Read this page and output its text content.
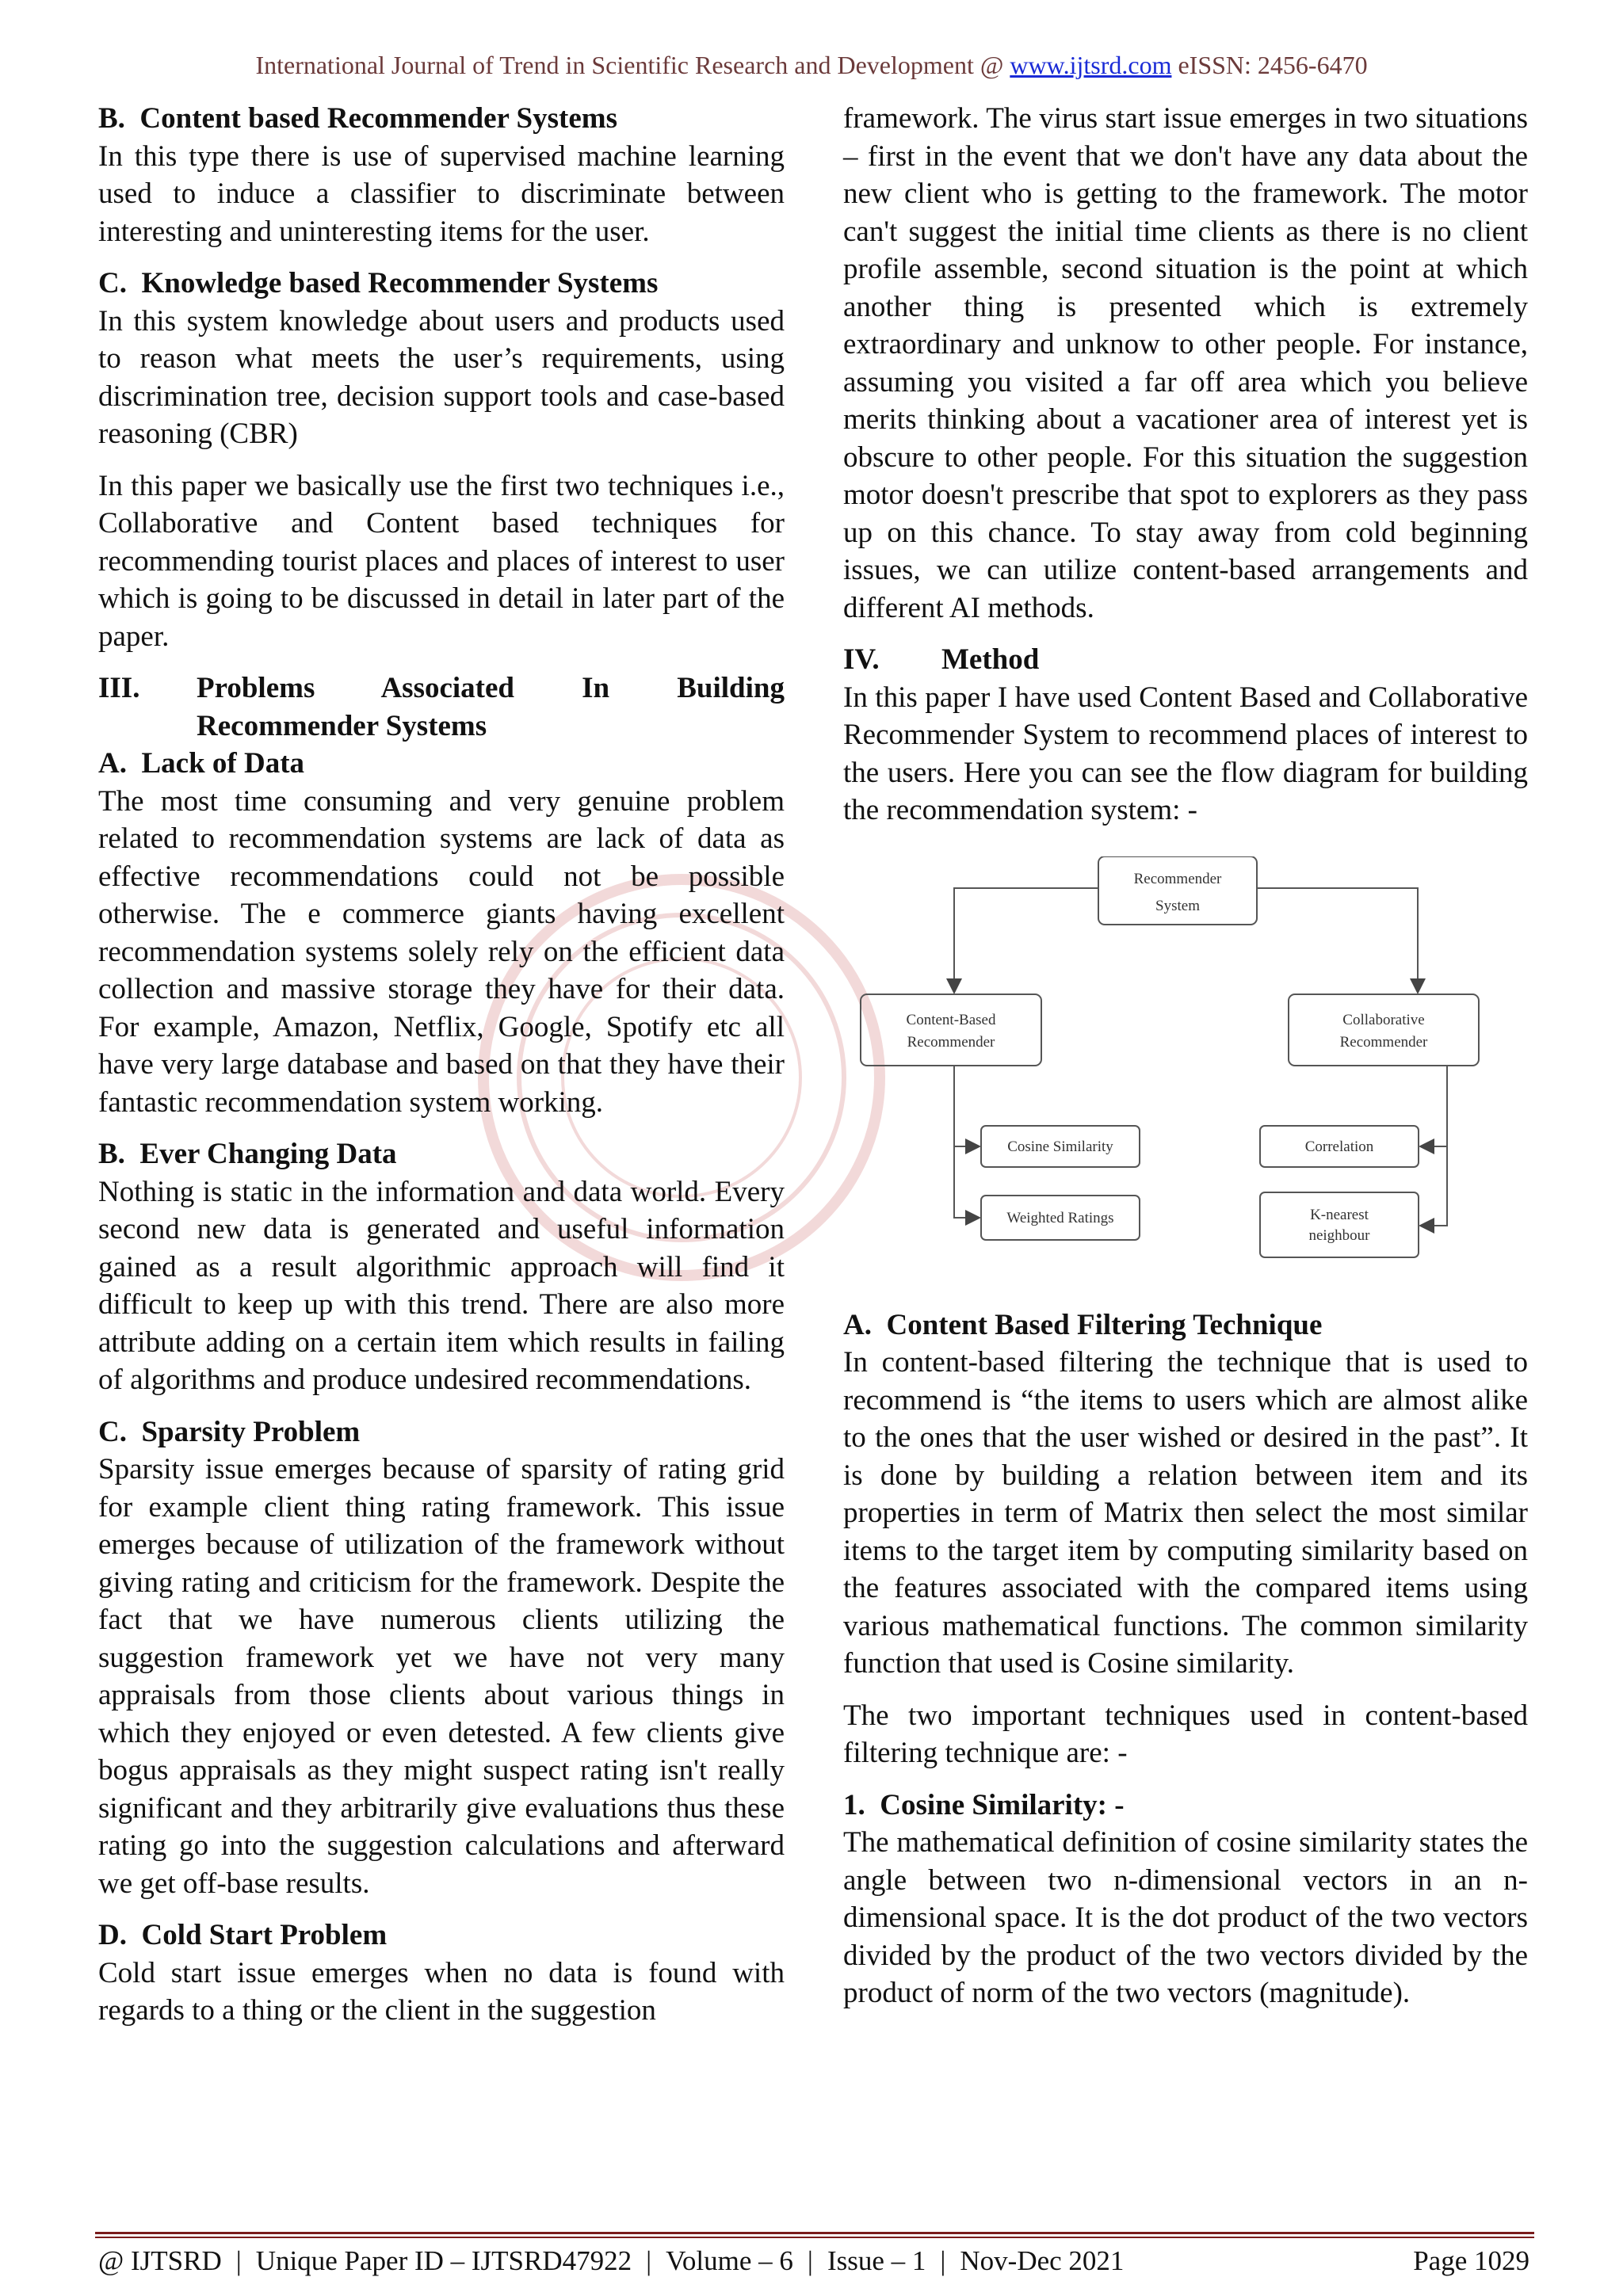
International Journal of Trend in Scientific Research and Development @ www.ijtsrd.com eISSN: 2456-6470
B.  Content based Recommender Systems

In this type there is use of supervised machine learning used to induce a classifier to discriminate between interesting and uninteresting items for the user.

C.  Knowledge based Recommender Systems

In this system knowledge about users and products used to reason what meets the user’s requirements, using discrimination tree, decision support tools and case-based reasoning (CBR)

In this paper we basically use the first two techniques i.e., Collaborative and Content based techniques for recommending tourist places and places of interest to user which is going to be discussed in detail in later part of the paper.

III.	Problems Associated In Building Recommender Systems
A.  Lack of Data

The most time consuming and very genuine problem related to recommendation systems are lack of data as effective recommendations could not be possible otherwise. The e commerce giants having excellent recommendation systems solely rely on the efficient data collection and massive storage they have for their data. For example, Amazon, Netflix, Google, Spotify etc all have very large database and based on that they have their fantastic recommendation system working.

B.  Ever Changing Data

Nothing is static in the information and data world. Every second new data is generated and useful information gained as a result algorithmic approach will find it difficult to keep up with this trend. There are also more attribute adding on a certain item which results in failing of algorithms and produce undesired recommendations.

C.  Sparsity Problem

Sparsity issue emerges because of sparsity of rating grid for example client thing rating framework. This issue emerges because of utilization of the framework without giving rating and criticism for the framework. Despite the fact that we have numerous clients utilizing the suggestion framework yet we have not very many appraisals from those clients about various things in which they enjoyed or even detested. A few clients give bogus appraisals as they might suspect rating isn't really significant and they arbitrarily give evaluations thus these rating go into the suggestion calculations and afterward we get off-base results.

D.  Cold Start Problem

Cold start issue emerges when no data is found with regards to a thing or the client in the suggestion

framework. The virus start issue emerges in two situations – first in the event that we don't have any data about the new client who is getting to the framework. The motor can't suggest the initial time clients as there is no client profile assemble, second situation is the point at which another thing is presented which is extremely extraordinary and unknow to other people. For instance, assuming you visited a far off area which you believe merits thinking about a vacationer area of interest yet is obscure to other people. For this situation the suggestion motor doesn't prescribe that spot to explorers as they pass up on this chance. To stay away from cold beginning issues, we can utilize content-based arrangements and different AI methods.

IV.	Method

In this paper I have used Content Based and Collaborative Recommender System to recommend places of interest to the users. Here you can see the flow diagram for building the recommendation system: -

Recommender
System
Content-Based
Recommender
Collaborative
Recommender
Cosine Similarity
Weighted Ratings
Correlation
K-nearest
neighbour
A.  Content Based Filtering Technique

In content-based filtering the technique that is used to recommend is “the items to users which are almost alike to the ones that the user wished or desired in the past”. It is done by building a relation between item and its properties in term of Matrix then select the most similar items to the target item by computing similarity based on the features associated with the compared items using various mathematical functions. The common similarity function that used is Cosine similarity.

The two important techniques used in content-based filtering technique are: -

1.  Cosine Similarity: -

The mathematical definition of cosine similarity states the angle between two n-dimensional vectors in an n-dimensional space. It is the dot product of the two vectors divided by the product of the two vectors divided by the product of norm of the two vectors (magnitude).

@ IJTSRD | Unique Paper ID – IJTSRD47922 | Volume – 6 | Issue – 1 | Nov-Dec 2021	Page 1029
